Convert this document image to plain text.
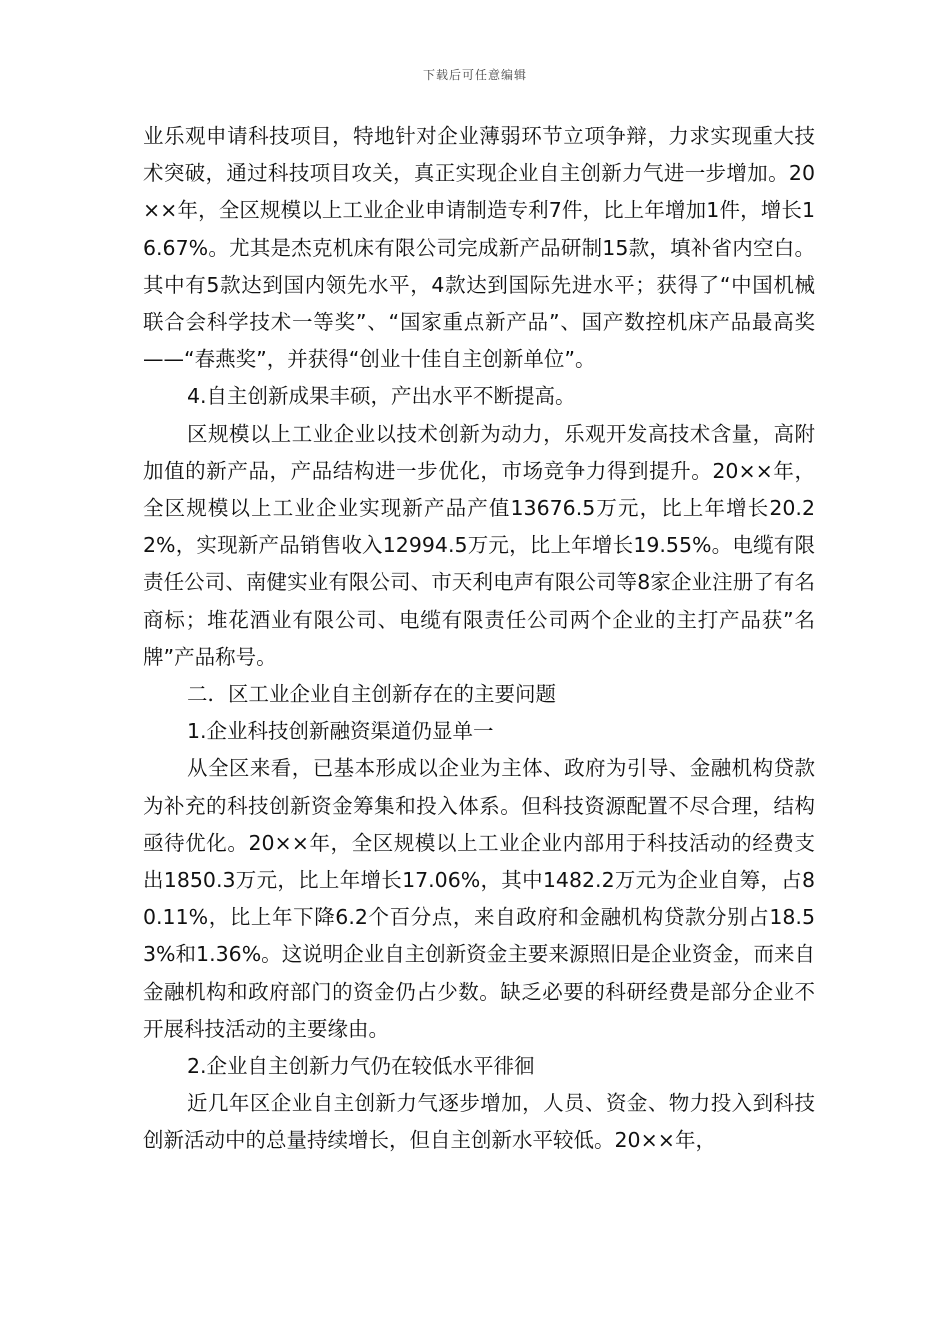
下载后可任意编辑

业乐观申请科技项目，特地针对企业薄弱环节立项争辩，力求实现重大技术突破，通过科技项目攻关，真正实现企业自主创新力气进一步增加。20××年，全区规模以上工业企业申请制造专利7件，比上年增加1件，增长16.67%。尤其是杰克机床有限公司完成新产品研制15款，填补省内空白。其中有5款达到国内领先水平，4款达到国际先进水平；获得了“中国机械联合会科学技术一等奖”、“国家重点新产品”、国产数控机床产品最高奖——“春燕奖”，并获得“创业十佳自主创新单位”。

4.自主创新成果丰硕，产出水平不断提高。

区规模以上工业企业以技术创新为动力，乐观开发高技术含量，高附加值的新产品，产品结构进一步优化，市场竞争力得到提升。20××年，全区规模以上工业企业实现新产品产值13676.5万元，比上年增长20.22%，实现新产品销售收入12994.5万元，比上年增长19.55%。电缆有限责任公司、南健实业有限公司、市天利电声有限公司等8家企业注册了有名商标；堆花酒业有限公司、电缆有限责任公司两个企业的主打产品获”名牌”产品称号。

二．区工业企业自主创新存在的主要问题

1.企业科技创新融资渠道仍显单一

从全区来看，已基本形成以企业为主体、政府为引导、金融机构贷款为补充的科技创新资金筹集和投入体系。但科技资源配置不尽合理，结构亟待优化。20××年，全区规模以上工业企业内部用于科技活动的经费支出1850.3万元，比上年增长17.06%，其中1482.2万元为企业自筹，占80.11%，比上年下降6.2个百分点，来自政府和金融机构贷款分别占18.53%和1.36%。这说明企业自主创新资金主要来源照旧是企业资金，而来自金融机构和政府部门的资金仍占少数。缺乏必要的科研经费是部分企业不开展科技活动的主要缘由。

2.企业自主创新力气仍在较低水平徘徊

近几年区企业自主创新力气逐步增加，人员、资金、物力投入到科技创新活动中的总量持续增长，但自主创新水平较低。20××年，
